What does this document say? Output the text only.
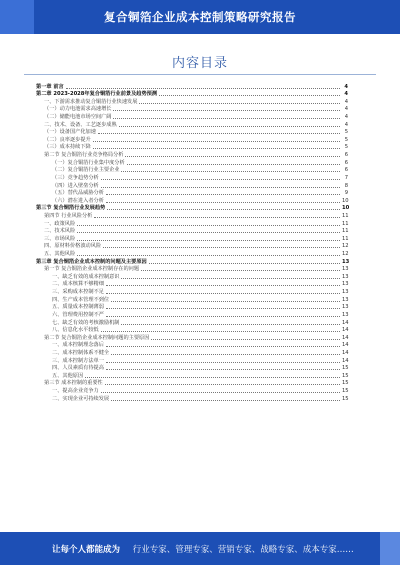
复合铜箔企业成本控制策略研究报告
内容目录
第一章 前言	4
第二章 2023-2028年复合铜箔行业前景及趋势预测	4
一、下游需求推动复合铜箔行业快速发展	4
（一）动力电池需求高速增长	4
（二）储能电池市场空间广阔	4
二、技术、设备、工艺逐步成熟	4
（一）设备国产化加速	5
（二）良率逐步提升	5
（三）成本持续下降	5
第二节 复合铜箔行业竞争格局分析	6
（一）复合铜箔行业集中度分析	6
（二）复合铜箔行业主要企业	6
（三）竞争趋势分析	7
（四）进入壁垒分析	8
（五）替代品威胁分析	9
（六）潜在进入者分析	10
第三节 复合铜箔行业发展趋势	10
第四节 行业风险分析	11
一、政策风险	11
二、技术风险	11
三、市场风险	11
四、原材料价格波动风险	12
五、其他风险	12
第三章 复合铜箔企业成本控制的问题及主要原因	13
第一节 复合铜箔企业成本控制存在的问题	13
一、缺乏有效的成本控制意识	13
二、成本核算不够精细	13
三、采购成本控制不足	13
四、生产成本管理不到位	13
五、质量成本控制薄弱	13
六、管理费用控制不严	13
七、缺乏有效的考核激励机制	14
八、信息化水平较低	14
第二节 复合铜箔企业成本控制问题的主要原因	14
一、成本控制理念落后	14
二、成本控制体系不健全	14
三、成本控制方法单一	14
四、人员素质有待提高	15
五、其他原因	15
第三节 成本控制的重要性	15
一、提高企业竞争力	15
二、实现企业可持续发展	15
让每个人都能成为 行业专家、管理专家、营销专家、战略专家、成本专家……
